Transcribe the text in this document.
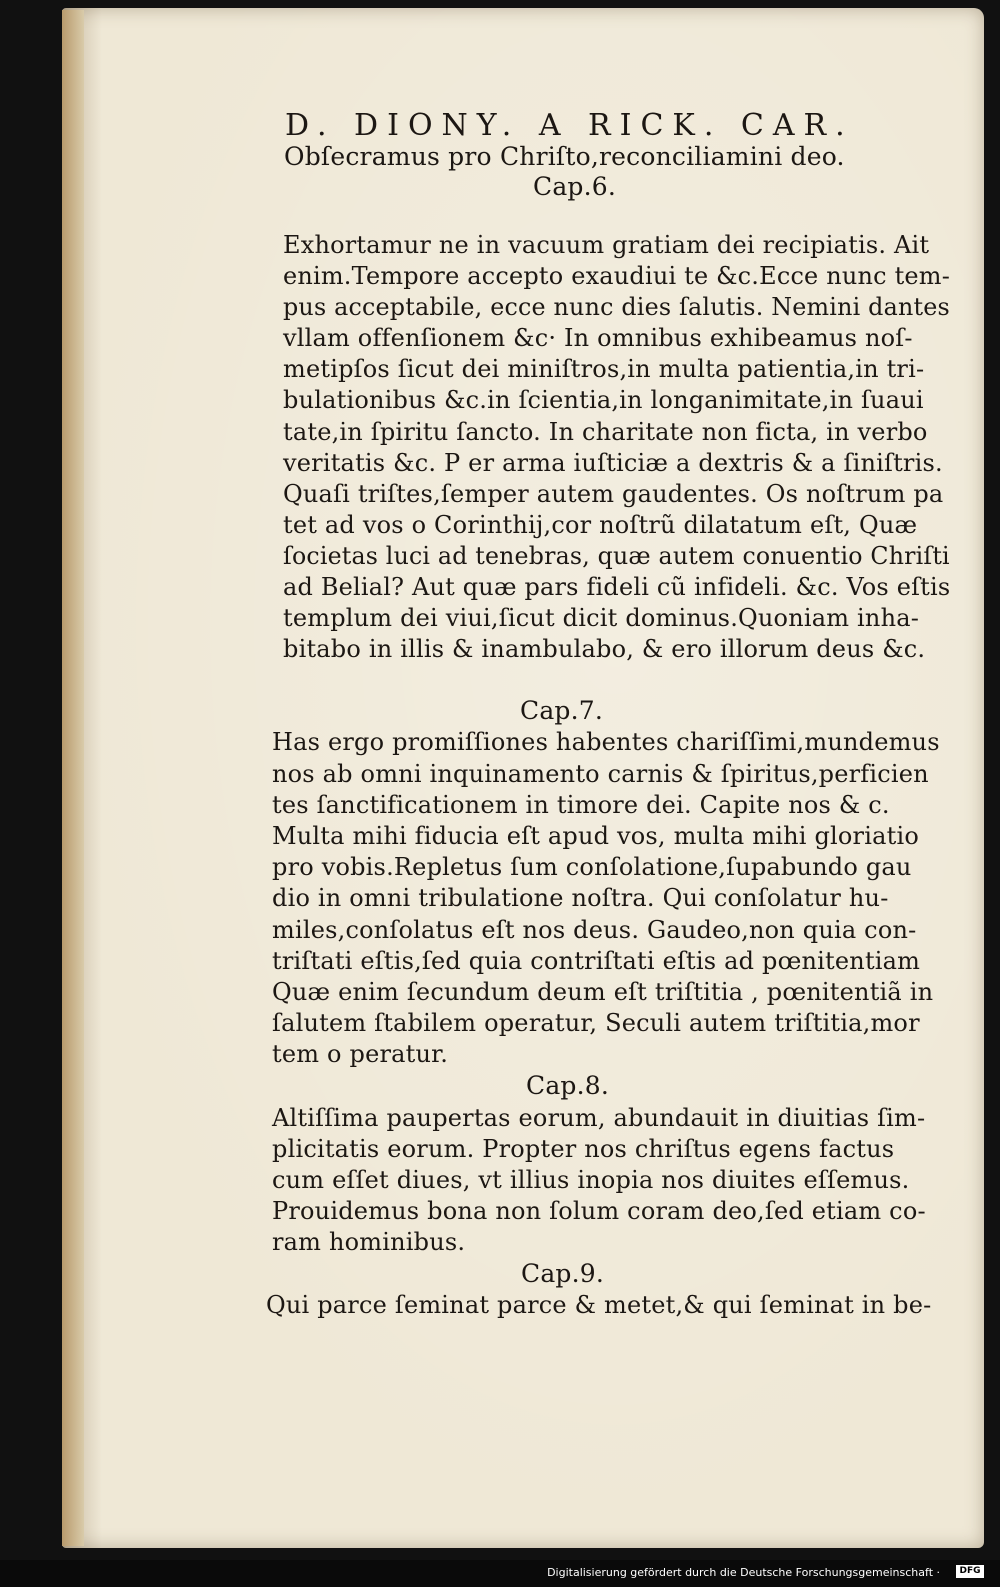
D. DIONY. A RICK. CAR.
Obſecramus pro Chriſto,reconciliamini deo.
Cap.6.
Exhortamur ne in vacuum gratiam dei recipiatis. Ait
enim.Tempore accepto exaudiui te &c.Ecce nunc tem-
pus acceptabile, ecce nunc dies ſalutis. Nemini dantes
vllam offenſionem &c· In omnibus exhibeamus noſ-
metipſos ſicut dei miniſtros,in multa patientia,in tri-
bulationibus &c.in ſcientia,in longanimitate,in ſuaui
tate,in ſpiritu ſancto. In charitate non ficta, in verbo
veritatis &c. P er arma iuſticiæ a dextris & a ſiniſtris.
Quaſi triſtes,ſemper autem gaudentes. Os noſtrum pa
tet ad vos o Corinthij,cor noſtrũ dilatatum eſt, Quæ
ſocietas luci ad tenebras, quæ autem conuentio Chriſti
ad Belial? Aut quæ pars fideli cũ infideli. &c. Vos eſtis
templum dei viui,ſicut dicit dominus.Quoniam inha-
bitabo in illis & inambulabo, & ero illorum deus &c.
Cap.7.
Has ergo promiſſiones habentes chariſſimi,mundemus
nos ab omni inquinamento carnis & ſpiritus,perficien
tes ſanctificationem in timore dei. Capite nos & c.
Multa mihi fiducia eſt apud vos, multa mihi gloriatio
pro vobis.Repletus ſum conſolatione,ſupabundo gau
dio in omni tribulatione noſtra. Qui conſolatur hu-
miles,conſolatus eſt nos deus. Gaudeo,non quia con-
triſtati eſtis,ſed quia contriſtati eſtis ad pœnitentiam
Quæ enim ſecundum deum eſt triſtitia , pœnitentiã in
ſalutem ſtabilem operatur, Seculi autem triſtitia,mor
tem o peratur.
Cap.8.
Altiſſima paupertas eorum, abundauit in diuitias ſim-
plicitatis eorum. Propter nos chriſtus egens factus
cum eſſet diues, vt illius inopia nos diuites eſſemus.
Prouidemus bona non ſolum coram deo,ſed etiam co-
ram hominibus.
Cap.9.
Qui parce ſeminat parce & metet,& qui ſeminat in be-
Digitalisierung gefördert durch die Deutsche Forschungsgemeinschaft ·	DFG
